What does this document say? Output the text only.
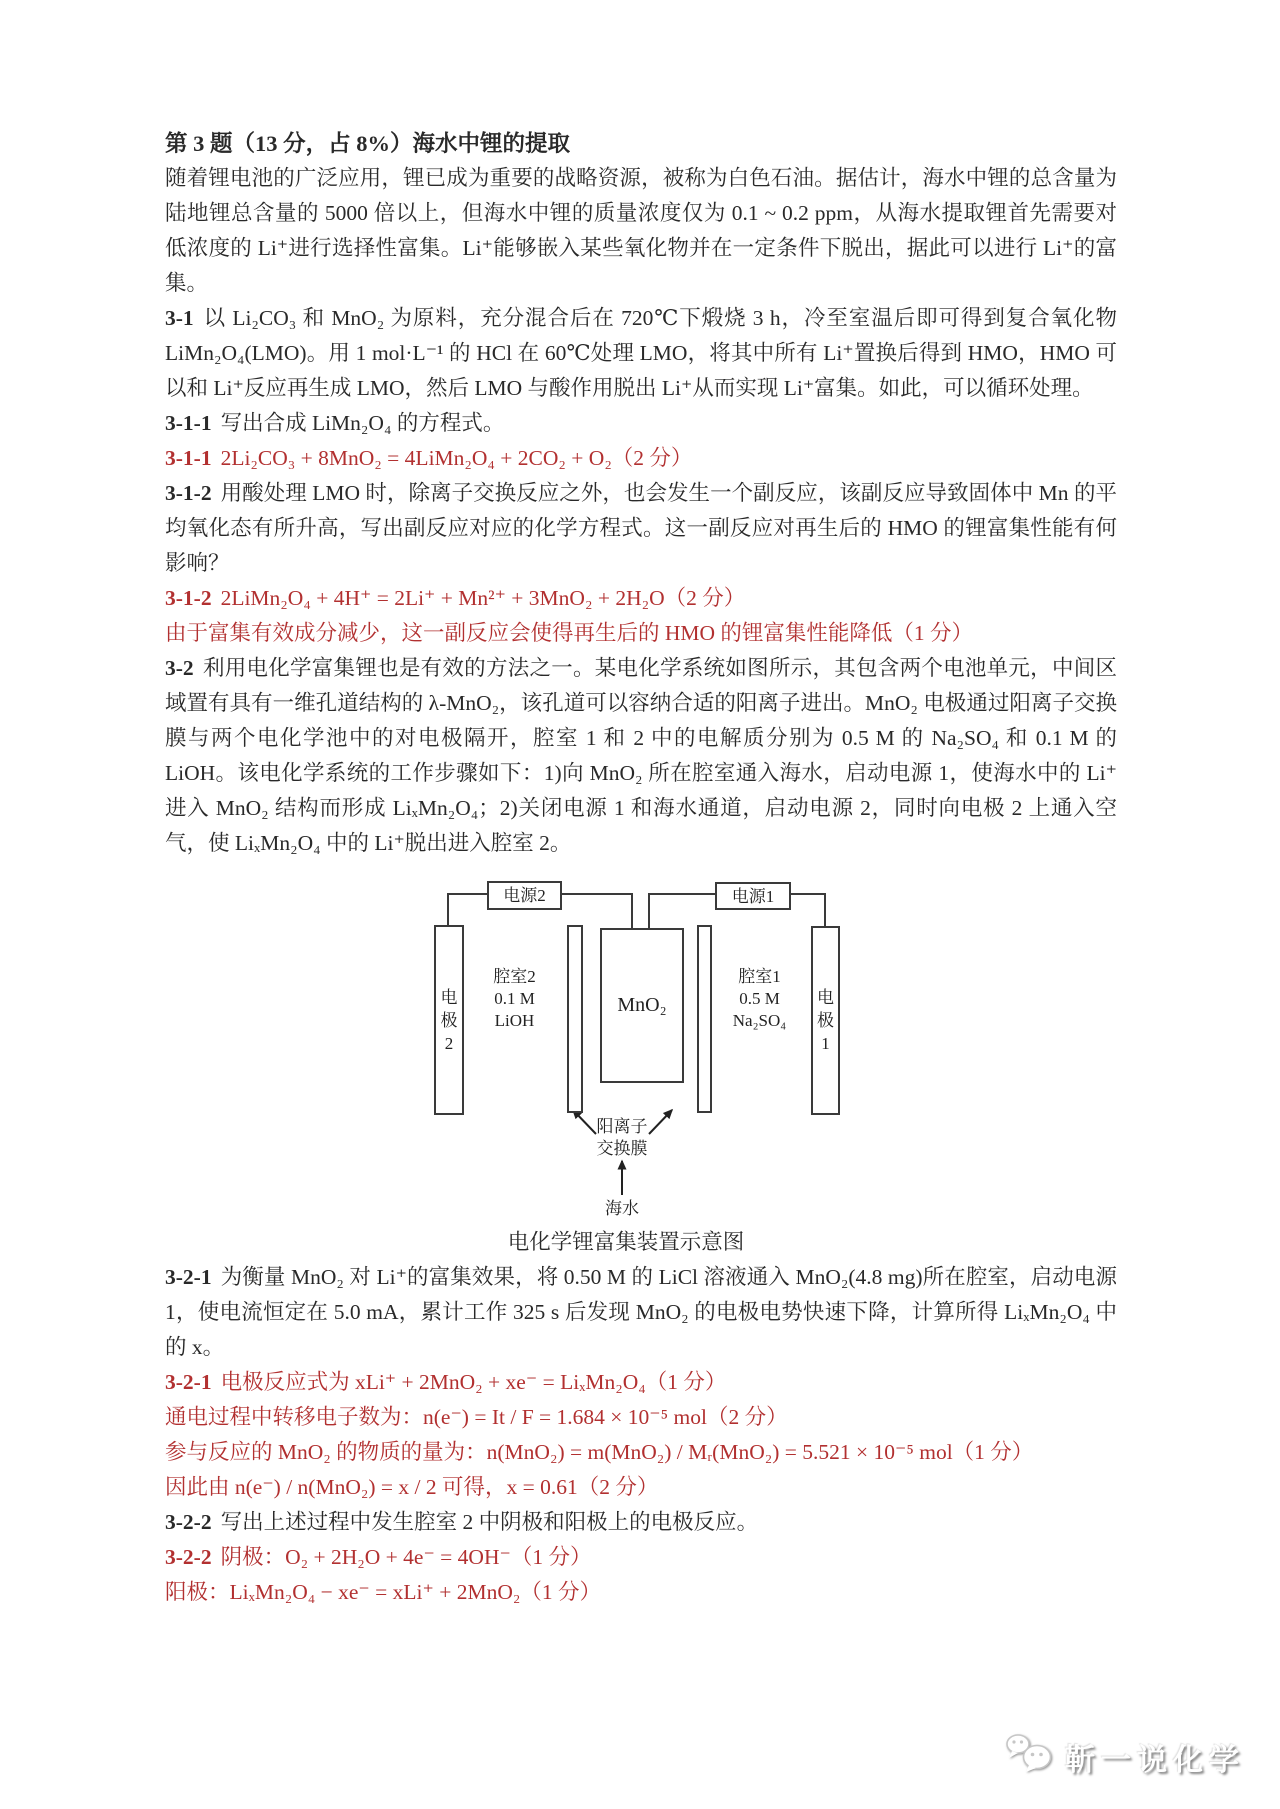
第 3 题（13 分，占 8%）海水中锂的提取

随着锂电池的广泛应用，锂已成为重要的战略资源，被称为白色石油。据估计，海水中锂的总含量为陆地锂总含量的 5000 倍以上，但海水中锂的质量浓度仅为 0.1 ~ 0.2 ppm，从海水提取锂首先需要对低浓度的 Li⁺进行选择性富集。Li⁺能够嵌入某些氧化物并在一定条件下脱出，据此可以进行 Li⁺的富集。

3-1 以 Li₂CO₃ 和 MnO₂ 为原料，充分混合后在 720℃下煅烧 3 h，冷至室温后即可得到复合氧化物 LiMn₂O₄(LMO)。用 1 mol·L⁻¹ 的 HCl 在 60℃处理 LMO，将其中所有 Li⁺置换后得到 HMO，HMO 可以和 Li⁺反应再生成 LMO，然后 LMO 与酸作用脱出 Li⁺从而实现 Li⁺富集。如此，可以循环处理。

3-1-1 写出合成 LiMn₂O₄ 的方程式。

3-1-1 2Li₂CO₃ + 8MnO₂ = 4LiMn₂O₄ + 2CO₂ + O₂（2 分）

3-1-2 用酸处理 LMO 时，除离子交换反应之外，也会发生一个副反应，该副反应导致固体中 Mn 的平均氧化态有所升高，写出副反应对应的化学方程式。这一副反应对再生后的 HMO 的锂富集性能有何影响？

3-1-2 2LiMn₂O₄ + 4H⁺ = 2Li⁺ + Mn²⁺ + 3MnO₂ + 2H₂O（2 分）

由于富集有效成分减少，这一副反应会使得再生后的 HMO 的锂富集性能降低（1 分）

3-2 利用电化学富集锂也是有效的方法之一。某电化学系统如图所示，其包含两个电池单元，中间区域置有具有一维孔道结构的 λ-MnO₂，该孔道可以容纳合适的阳离子进出。MnO₂ 电极通过阳离子交换膜与两个电化学池中的对电极隔开，腔室 1 和 2 中的电解质分别为 0.5 M 的 Na₂SO₄ 和 0.1 M 的 LiOH。该电化学系统的工作步骤如下：1)向 MnO₂ 所在腔室通入海水，启动电源 1，使海水中的 Li⁺进入 MnO₂ 结构而形成 LiₓMn₂O₄；2)关闭电源 1 和海水通道，启动电源 2，同时向电极 2 上通入空气，使 LiₓMn₂O₄ 中的 Li⁺脱出进入腔室 2。

电源2	电源1
电极2
MnO₂	电极1
腔室2
0.1 M
LiOH
腔室1
0.5 M
Na₂SO₄
阳离子
交换膜
海水

电化学锂富集装置示意图

3-2-1 为衡量 MnO₂ 对 Li⁺的富集效果，将 0.50 M 的 LiCl 溶液通入 MnO₂(4.8 mg)所在腔室，启动电源 1，使电流恒定在 5.0 mA，累计工作 325 s 后发现 MnO₂ 的电极电势快速下降，计算所得 LiₓMn₂O₄ 中的 x。

3-2-1 电极反应式为 xLi⁺ + 2MnO₂ + xe⁻ = LiₓMn₂O₄（1 分）

通电过程中转移电子数为：n(e⁻) = It / F = 1.684 × 10⁻⁵ mol（2 分）

参与反应的 MnO₂ 的物质的量为：n(MnO₂) = m(MnO₂) / Mᵣ(MnO₂) = 5.521 × 10⁻⁵ mol（1 分）

因此由 n(e⁻) / n(MnO₂) = x / 2 可得，x = 0.61（2 分）

3-2-2 写出上述过程中发生腔室 2 中阴极和阳极上的电极反应。

3-2-2 阴极：O₂ + 2H₂O + 4e⁻ = 4OH⁻（1 分）

阳极：LiₓMn₂O₄ − xe⁻ = xLi⁺ + 2MnO₂（1 分）

靳一说化学
